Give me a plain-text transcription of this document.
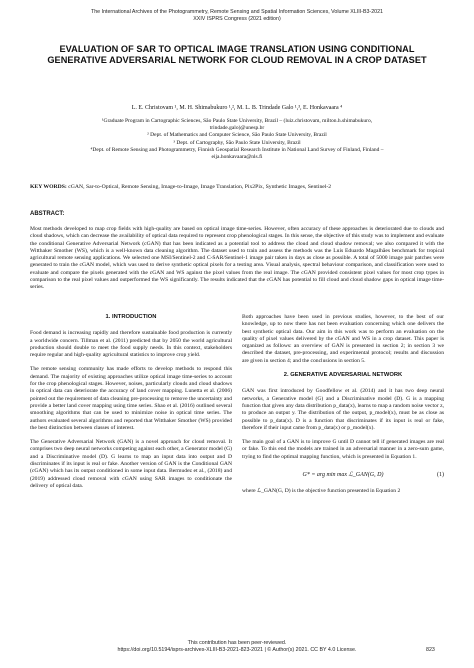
The International Archives of the Photogrammetry, Remote Sensing and Spatial Information Sciences, Volume XLIII-B3-2021
XXIV ISPRS Congress (2021 edition)
EVALUATION OF SAR TO OPTICAL IMAGE TRANSLATION USING CONDITIONAL GENERATIVE ADVERSARIAL NETWORK FOR CLOUD REMOVAL IN A CROP DATASET
L. E. Christovam ¹, M. H. Shimabukuro ¹,², M. L. B. Trindade Galo ¹,³, E. Honkavaara ⁴
¹Graduate Program in Cartographic Sciences, São Paulo State University, Brazil – (luiz.christovam, milton.h.shimabukuro,
trindade.galo)@unesp.br
² Dept. of Mathematics and Computer Science, São Paulo State University, Brazil
³ Dept. of Cartography, São Paulo State University, Brazil
⁴Dept. of Remote Sensing and Photogrammetry, Finnish Geospatial Research Institute in National Land Survey of Finland, Finland –
eija.honkavaara@nls.fi
KEY WORDS: cGAN, Sar-to-Optical, Remote Sensing, Image-to-Image, Image Translation, Pix2Pix, Synthetic Images, Sentinel-2
ABSTRACT:
Most methods developed to map crop fields with high-quality are based on optical image time-series. However, often accuracy of these approaches is deteriorated due to clouds and cloud shadows, which can decrease the availability of optical data required to represent crop phenological stages. In this sense, the objective of this study was to implement and evaluate the conditional Generative Adversarial Network (cGAN) that has been indicated as a potential tool to address the cloud and cloud shadow removal; we also compared it with the Witthaker Smother (WS), which is a well-known data cleaning algorithm. The dataset used to train and assess the methods was the Luis Eduardo Magalhães benchmark for tropical agricultural remote sensing applications. We selected one MSI/Sentinel-2 and C-SAR/Sentinel-1 image pair taken in days as close as possible. A total of 5000 image pair patches were generated to train the cGAN model, which was used to derive synthetic optical pixels for a testing area. Visual analysis, spectral behaviour comparison, and classification were used to evaluate and compare the pixels generated with the cGAN and WS against the pixel values from the real image. The cGAN provided consistent pixel values for most crop types in comparison to the real pixel values and outperformed the WS significantly. The results indicated that the cGAN has potential to fill cloud and cloud shadow gaps in optical image time-series.
1. INTRODUCTION

Food demand is increasing rapidly and therefore sustainable food production is currently a worldwide concern. Tillman et al. (2011) predicted that by 2050 the world agricultural production should double to meet the food supply needs. In this context, stakeholders require regular and high-quality agricultural statistics to improve crop yield.

The remote sensing community has made efforts to develop methods to respond this demand. The majority of existing approaches utilize optical image time-series to account for the crop phenological stages. However, noises, particularly clouds and cloud shadows in optical data can deteriorate the accuracy of land cover mapping. Lunetta et al. (2006) pointed out the requirement of data cleaning pre-processing to remove the uncertainty and provide a better land cover mapping using time series. Shao et al. (2016) outlined several smoothing algorithms that can be used to minimize noise in optical time series. The authors evaluated several algorithms and reported that Witthaker Smother (WS) provided the best distinction between classes of interest.

The Generative Adversarial Network (GAN) is a novel approach for cloud removal. It comprises two deep neural networks competing against each other, a Generator model (G) and a Discriminative model (D). G learns to map an input data into output and D discriminates if its input is real or fake. Another version of GAN is the Conditional GAN (cGAN) which has its output conditioned in some input data. Bermudez et al., (2018) and (2019) addressed cloud removal with cGAN using SAR images to conditionate the delivery of optical data.

Both approaches have been used in previous studies, however, to the best of our knowledge, up to now there has not been evaluation concerning which one delivers the best synthetic optical data. Our aim in this work was to perform an evaluation on the quality of pixel values delivered by the cGAN and WS in a crop dataset. This paper is organized as follows: an overview of GAN is presented in section 2; in section 3 we described the dataset, pre-processing, and experimental protocol; results and discussion are given in section 4; and the conclusions in section 5.

2. GENERATIVE ADVERSARIAL NETWORK

GAN was first introduced by Goodfellow et al. (2014) and it has two deep neural networks, a Generative model (G) and a Discriminative model (D). G is a mapping function that given any data distribution p_data(x), learns to map a random noise vector z, to produce an output y. The distribution of the output, p_model(x), must be as close as possible to p_data(x). D is a function that discriminates if its input is real or fake, therefore if their input came from p_data(x) or p_model(x).

The main goal of a GAN is to improve G until D cannot tell if generated images are real or fake. To this end the models are trained in an adversarial manner in a zero-sum game, trying to find the optimal mapping function, which is presented in Equation 1.

G* = arg min max ℒ_GAN(G, D)	(1)

where ℒ_GAN(G, D) is the objective function presented in Equation 2

This contribution has been peer-reviewed.
https://doi.org/10.5194/isprs-archives-XLIII-B3-2021-823-2021 | © Author(s) 2021. CC BY 4.0 License.	823
